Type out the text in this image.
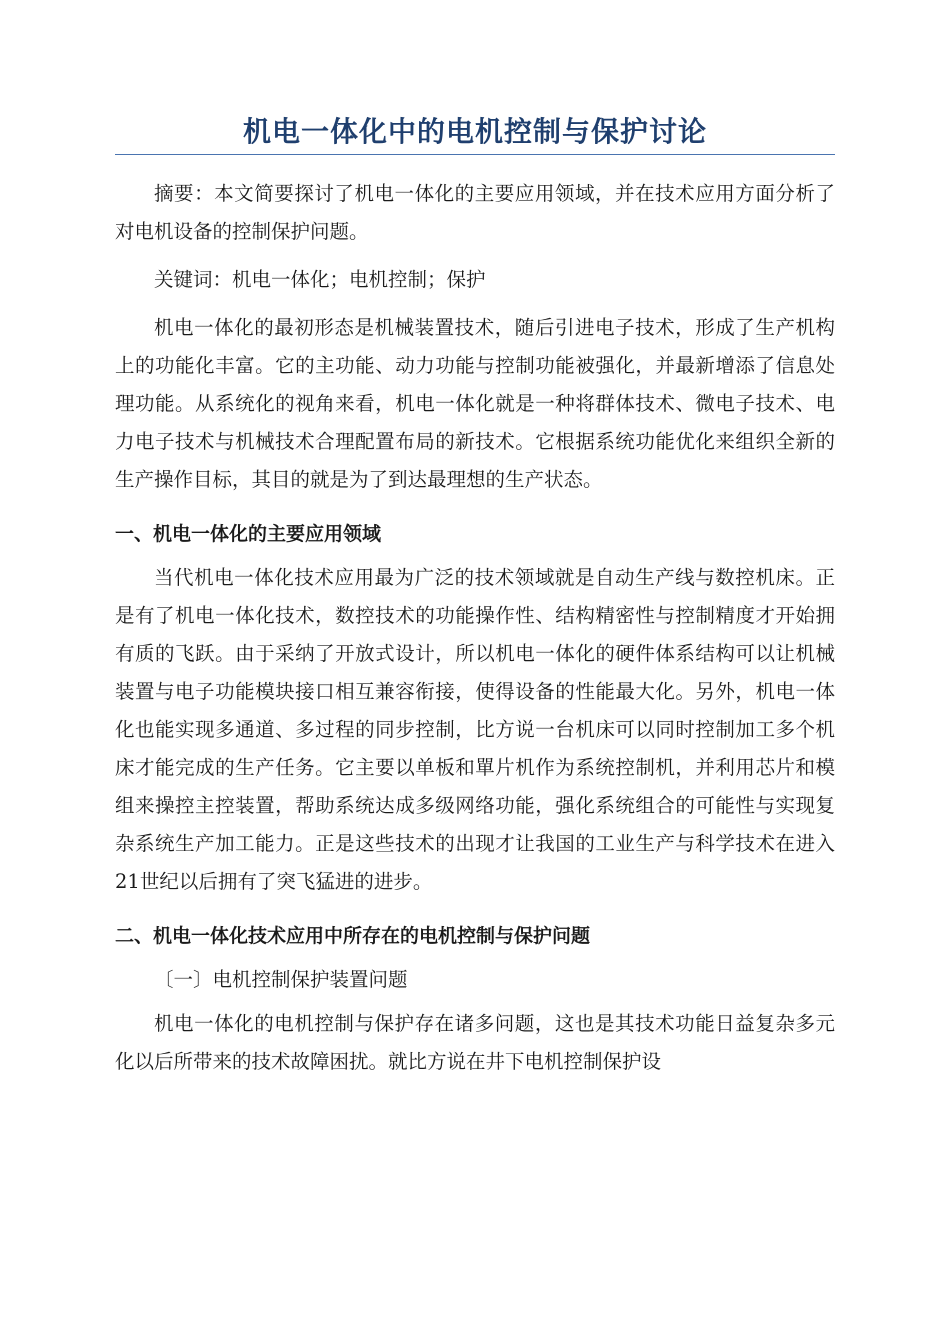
机电一体化中的电机控制与保护讨论

摘要：本文简要探讨了机电一体化的主要应用领域，并在技术应用方面分析了对电机设备的控制保护问题。

关键词：机电一体化；电机控制；保护

机电一体化的最初形态是机械装置技术，随后引进电子技术，形成了生产机构上的功能化丰富。它的主功能、动力功能与控制功能被强化，并最新增添了信息处理功能。从系统化的视角来看，机电一体化就是一种将群体技术、微电子技术、电力电子技术与机械技术合理配置布局的新技术。它根据系统功能优化来组织全新的生产操作目标，其目的就是为了到达最理想的生产状态。

一、机电一体化的主要应用领域

当代机电一体化技术应用最为广泛的技术领域就是自动生产线与数控机床。正是有了机电一体化技术，数控技术的功能操作性、结构精密性与控制精度才开始拥有质的飞跃。由于采纳了开放式设计，所以机电一体化的硬件体系结构可以让机械装置与电子功能模块接口相互兼容衔接，使得设备的性能最大化。另外，机电一体化也能实现多通道、多过程的同步控制，比方说一台机床可以同时控制加工多个机床才能完成的生产任务。它主要以单板和單片机作为系统控制机，并利用芯片和模组来操控主控装置，帮助系统达成多级网络功能，强化系统组合的可能性与实现复杂系统生产加工能力。正是这些技术的出现才让我国的工业生产与科学技术在进入21世纪以后拥有了突飞猛进的进步。

二、机电一体化技术应用中所存在的电机控制与保护问题

〔一〕电机控制保护装置问题

机电一体化的电机控制与保护存在诸多问题，这也是其技术功能日益复杂多元化以后所带来的技术故障困扰。就比方说在井下电机控制保护设
